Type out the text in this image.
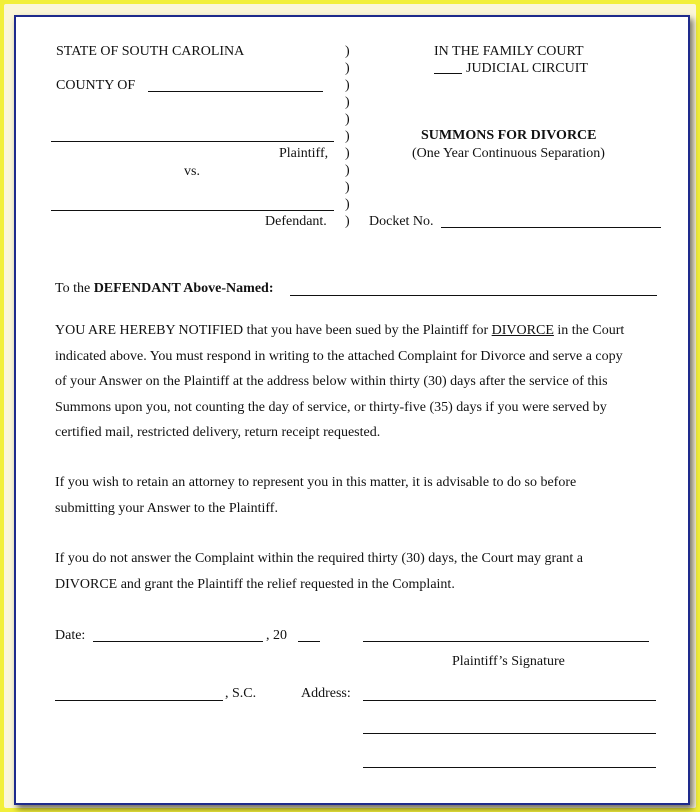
STATE OF SOUTH CAROLINA
COUNTY OF
Plaintiff,
vs.
Defendant.
)
)
)
)
)
)
)
)
)
)
)
IN THE FAMILY COURT
JUDICIAL CIRCUIT
SUMMONS FOR DIVORCE
(One Year Continuous Separation)
Docket No.
To the DEFENDANT Above-Named:
YOU ARE HEREBY NOTIFIED that you have been sued by the Plaintiff for DIVORCE in the Court
indicated above. You must respond in writing to the attached Complaint for Divorce and serve a copy
of your Answer on the Plaintiff at the address below within thirty (30) days after the service of this
Summons upon you, not counting the day of service, or thirty-five (35) days if you were served by
certified mail, restricted delivery, return receipt requested.
If you wish to retain an attorney to represent you in this matter, it is advisable to do so before
submitting your Answer to the Plaintiff.
If you do not answer the Complaint within the required thirty (30) days, the Court may grant a
DIVORCE and grant the Plaintiff the relief requested in the Complaint.
Date:	, 20
Plaintiff’s Signature
, S.C.	Address:
